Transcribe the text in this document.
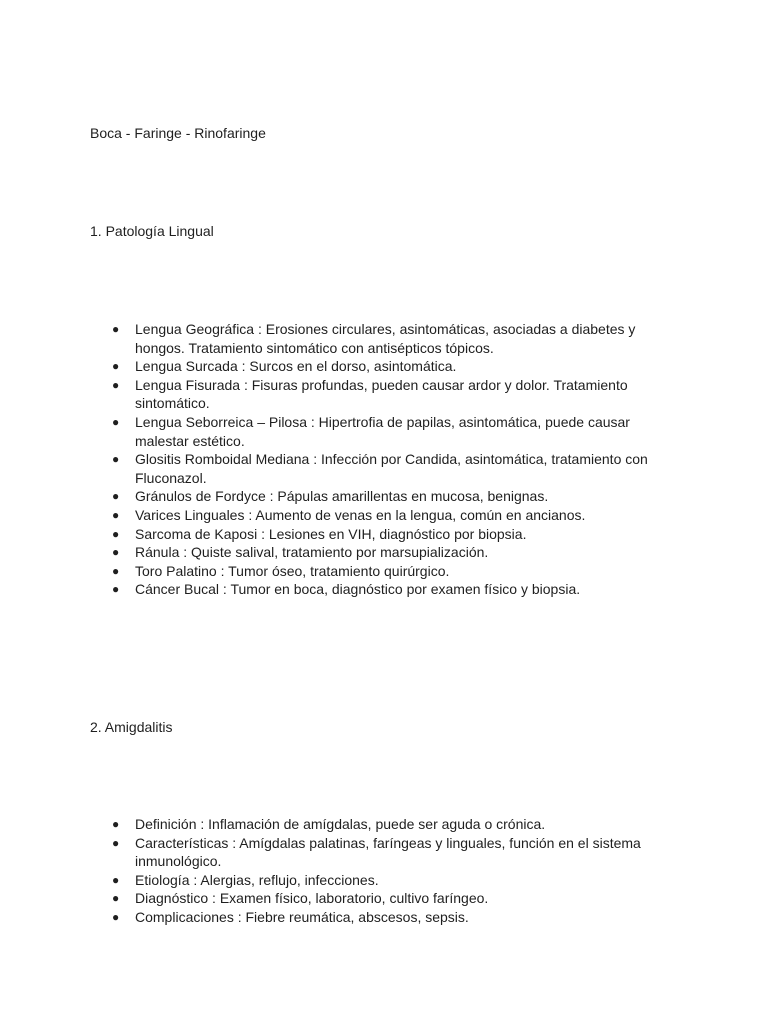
Boca - Faringe - Rinofaringe

1. Patología Lingual

● Lengua Geográfica : Erosiones circulares, asintomáticas, asociadas a diabetes y hongos. Tratamiento sintomático con antisépticos tópicos.
● Lengua Surcada : Surcos en el dorso, asintomática.
● Lengua Fisurada : Fisuras profundas, pueden causar ardor y dolor. Tratamiento sintomático.
● Lengua Seborreica – Pilosa : Hipertrofia de papilas, asintomática, puede causar malestar estético.
● Glositis Romboidal Mediana : Infección por Candida, asintomática, tratamiento con Fluconazol.
● Gránulos de Fordyce : Pápulas amarillentas en mucosa, benignas.
● Varices Linguales : Aumento de venas en la lengua, común en ancianos.
● Sarcoma de Kaposi : Lesiones en VIH, diagnóstico por biopsia.
● Ránula : Quiste salival, tratamiento por marsupialización.
● Toro Palatino : Tumor óseo, tratamiento quirúrgico.
● Cáncer Bucal : Tumor en boca, diagnóstico por examen físico y biopsia.

2. Amigdalitis

● Definición : Inflamación de amígdalas, puede ser aguda o crónica.
● Características : Amígdalas palatinas, faríngeas y linguales, función en el sistema inmunológico.
● Etiología : Alergias, reflujo, infecciones.
● Diagnóstico : Examen físico, laboratorio, cultivo faríngeo.
● Complicaciones : Fiebre reumática, abscesos, sepsis.
